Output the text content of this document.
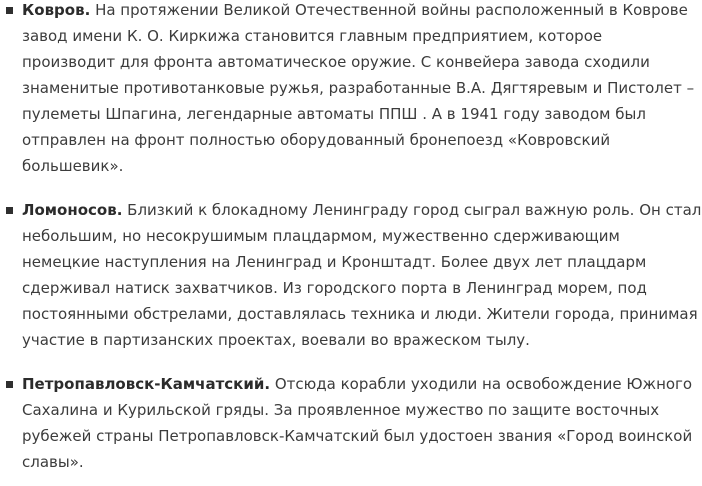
Ковров. На протяжении Великой Отечественной войны расположенный в Коврове
завод имени К. О. Киркижа становится главным предприятием, которое
производит для фронта автоматическое оружие. С конвейера завода сходили
знаменитые противотанковые ружья, разработанные В.А. Дягтяревым и Пистолет –
пулеметы Шпагина, легендарные автоматы ППШ . А в 1941 году заводом был
отправлен на фронт полностью оборудованный бронепоезд «Ковровский
большевик».
Ломоносов. Близкий к блокадному Ленинграду город сыграл важную роль. Он стал
небольшим, но несокрушимым плацдармом, мужественно сдерживающим
немецкие наступления на Ленинград и Кронштадт. Более двух лет плацдарм
сдерживал натиск захватчиков. Из городского порта в Ленинград морем, под
постоянными обстрелами, доставлялась техника и люди. Жители города, принимая
участие в партизанских проектах, воевали во вражеском тылу.
Петропавловск-Камчатский. Отсюда корабли уходили на освобождение Южного
Сахалина и Курильской гряды. За проявленное мужество по защите восточных
рубежей страны Петропавловск-Камчатский был удостоен звания «Город воинской
славы».
